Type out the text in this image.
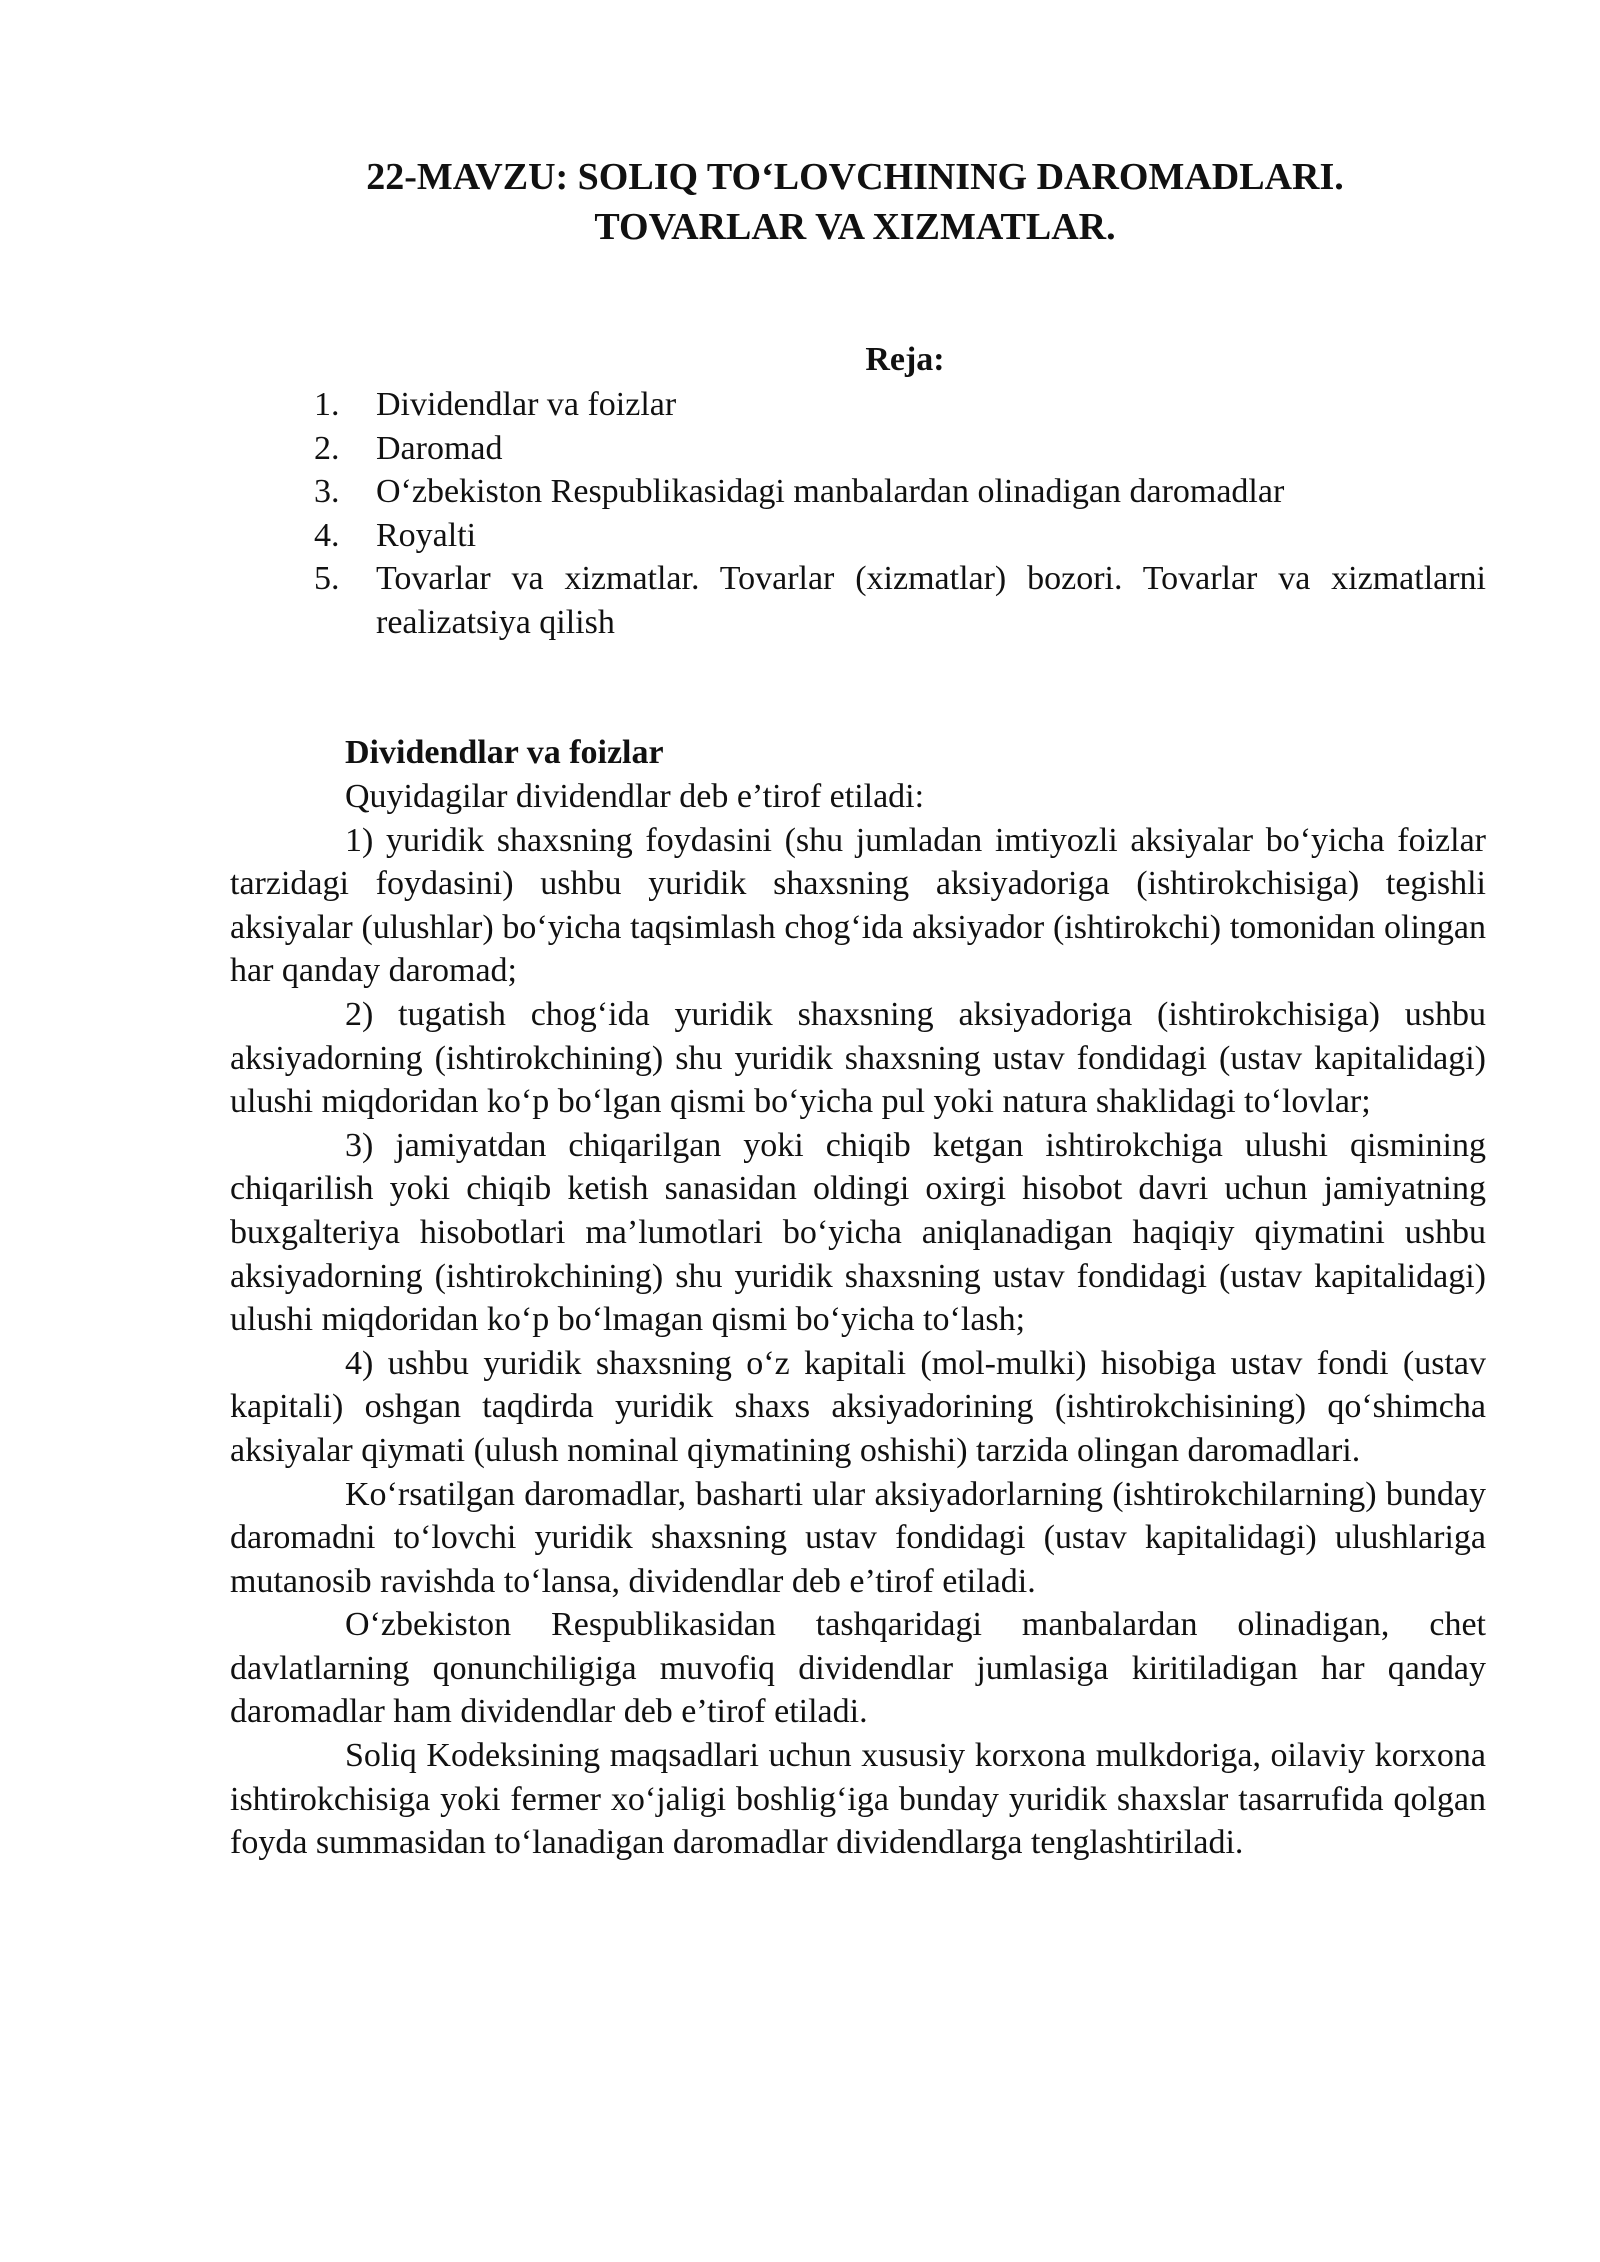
22-MAVZU: SOLIQ TO‘LOVCHINING DAROMADLARI.
TOVARLAR VA XIZMATLAR.
Reja:
1.	Dividendlar va foizlar
2.	Daromad
3.	O‘zbekiston Respublikasidagi manbalardan olinadigan daromadlar
4.	Royalti
5.	Tovarlar va xizmatlar. Tovarlar (xizmatlar) bozori. Tovarlar va xizmatlarni realizatsiya qilish
Dividendlar va foizlar

Quyidagilar dividendlar deb e’tirof etiladi:

1) yuridik shaxsning foydasini (shu jumladan imtiyozli aksiyalar bo‘yicha foizlar tarzidagi foydasini) ushbu yuridik shaxsning aksiyadoriga (ishtirokchisiga) tegishli aksiyalar (ulushlar) bo‘yicha taqsimlash chog‘ida aksiyador (ishtirokchi) tomonidan olingan har qanday daromad;

2) tugatish chog‘ida yuridik shaxsning aksiyadoriga (ishtirokchisiga) ushbu aksiyadorning (ishtirokchining) shu yuridik shaxsning ustav fondidagi (ustav kapitalidagi) ulushi miqdoridan ko‘p bo‘lgan qismi bo‘yicha pul yoki natura shaklidagi to‘lovlar;

3) jamiyatdan chiqarilgan yoki chiqib ketgan ishtirokchiga ulushi qismining chiqarilish yoki chiqib ketish sanasidan oldingi oxirgi hisobot davri uchun jamiyatning buxgalteriya hisobotlari ma’lumotlari bo‘yicha aniqlanadigan haqiqiy qiymatini ushbu aksiyadorning (ishtirokchining) shu yuridik shaxsning ustav fondidagi (ustav kapitalidagi) ulushi miqdoridan ko‘p bo‘lmagan qismi bo‘yicha to‘lash;

4) ushbu yuridik shaxsning o‘z kapitali (mol-mulki) hisobiga ustav fondi (ustav kapitali) oshgan taqdirda yuridik shaxs aksiyadorining (ishtirokchisining) qo‘shimcha aksiyalar qiymati (ulush nominal qiymatining oshishi) tarzida olingan daromadlari.

Ko‘rsatilgan daromadlar, basharti ular aksiyadorlarning (ishtirokchilarning) bunday daromadni to‘lovchi yuridik shaxsning ustav fondidagi (ustav kapitalidagi) ulushlariga mutanosib ravishda to‘lansa, dividendlar deb e’tirof etiladi.

O‘zbekiston Respublikasidan tashqaridagi manbalardan olinadigan, chet davlatlarning qonunchiligiga muvofiq dividendlar jumlasiga kiritiladigan har qanday daromadlar ham dividendlar deb e’tirof etiladi.

Soliq Kodeksining maqsadlari uchun xususiy korxona mulkdoriga, oilaviy korxona ishtirokchisiga yoki fermer xo‘jaligi boshlig‘iga bunday yuridik shaxslar tasarrufida qolgan foyda summasidan to‘lanadigan daromadlar dividendlarga tenglashtiriladi.
